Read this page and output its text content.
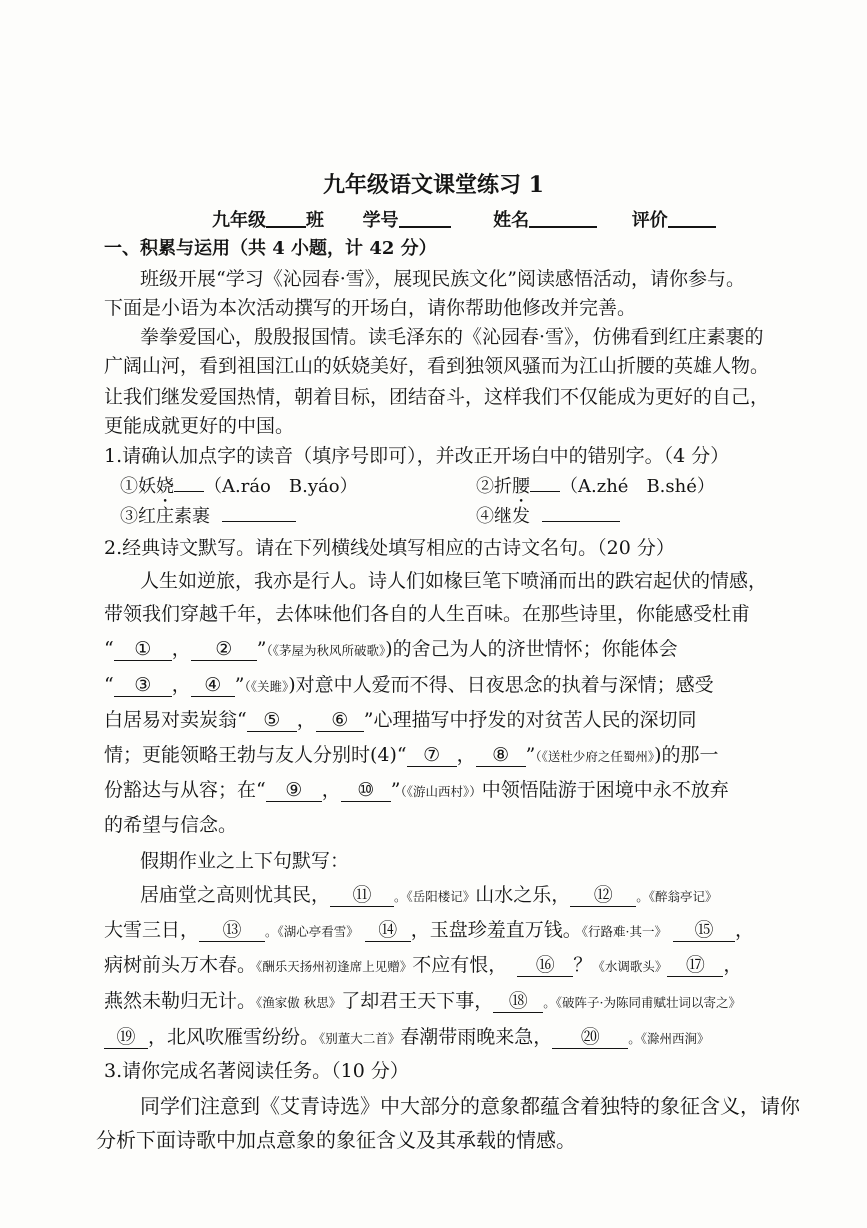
九年级语文课堂练习 1
九年级 班 学号	姓名	评价
一、积累与运用（共 4 小题，计 42 分）
班级开展“学习《沁园春·雪》，展现民族文化”阅读感悟活动，请你参与。
下面是小语为本次活动撰写的开场白，请你帮助他修改并完善。
拳拳爱国心，殷殷报国情。读毛泽东的《沁园春·雪》，仿佛看到红庄素裹的
广阔山河，看到祖国江山的妖娆美好，看到独领风骚而为江山折腰的英雄人物。
让我们继发爱国热情，朝着目标，团结奋斗，这样我们不仅能成为更好的自己，
更能成就更好的中国。
1.请确认加点字的读音（填序号即可），并改正开场白中的错别字。（4 分）
①妖娆 （A.ráo　B.yáo）	②折腰 （A.zhé　B.shé）
③红庄素裹	④继发
2.经典诗文默写。请在下列横线处填写相应的古诗文名句。（20 分）
人生如逆旅，我亦是行人。诗人们如椽巨笔下喷涌而出的跌宕起伏的情感，
带领我们穿越千年，去体味他们各自的人生百味。在那些诗里，你能感受杜甫
“ ① ， ② ”（《茅屋为秋风所破歌》)的舍己为人的济世情怀；你能体会
“ ③ ， ④ ”（《关雎》)对意中人爱而不得、日夜思念的执着与深情；感受
白居易对卖炭翁“ ⑤ ， ⑥ ”心理描写中抒发的对贫苦人民的深切同
情；更能领略王勃与友人分别时(4)“ ⑦ ， ⑧ ”（《送杜少府之任蜀州》)的那一
份豁达与从容；在“ ⑨ ， ⑩ ”（《游山西村》）中领悟陆游于困境中永不放弃
的希望与信念。
假期作业之上下句默写：
居庙堂之高则忧其民， ⑪ 。《岳阳楼记》山水之乐， ⑫ 。《醉翁亭记》
大雪三日， ⑬ 。《湖心亭看雪》 ⑭ ，玉盘珍羞直万钱。《行路难·其一》 ⑮ ，
病树前头万木春。《酬乐天扬州初逢席上见赠》不应有恨， ⑯ ？《水调歌头》 ⑰ ，
燕然未勒归无计。《渔家傲 秋思》了却君王天下事， ⑱ 。《破阵子·为陈同甫赋壮词以寄之》
⑲ ，北风吹雁雪纷纷。《别董大二首》春潮带雨晚来急， ⑳ 。《滁州西涧》
3.请你完成名著阅读任务。（10 分）
同学们注意到《艾青诗选》中大部分的意象都蕴含着独特的象征含义，请你
分析下面诗歌中加点意象的象征含义及其承载的情感。
